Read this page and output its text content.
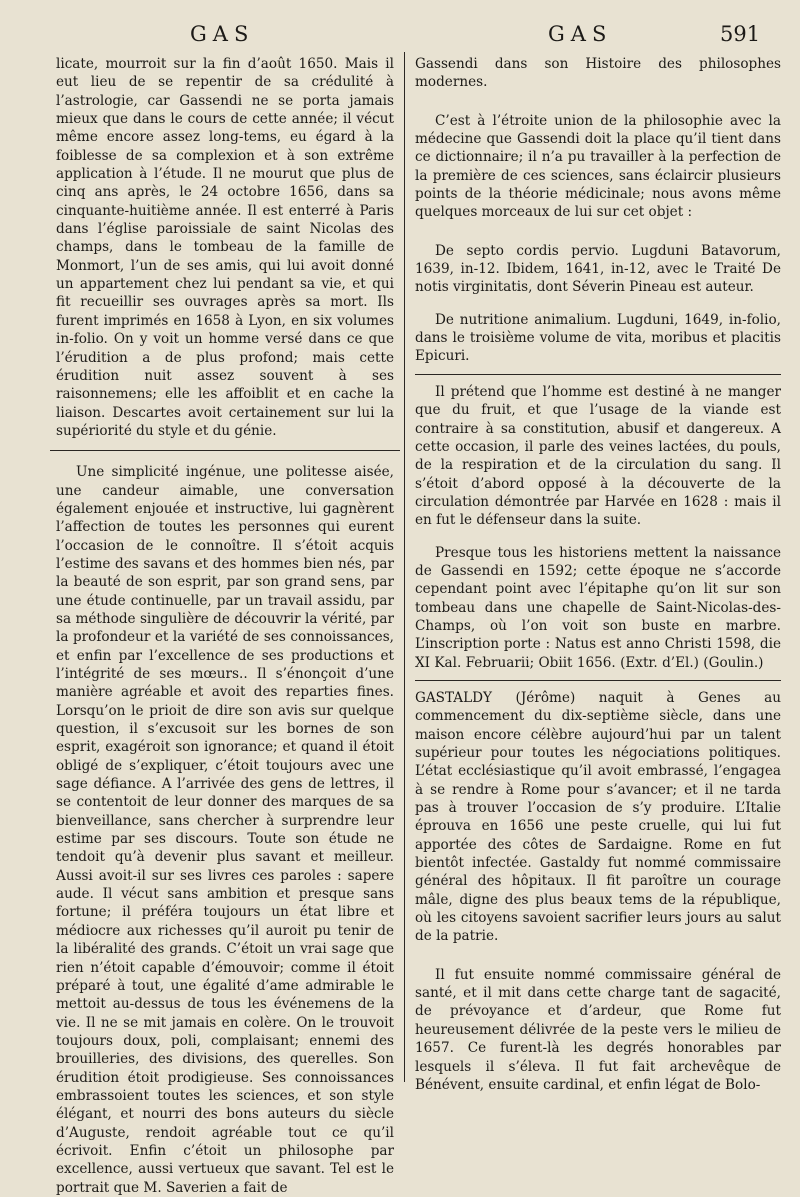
GAS	GAS	591

licate, mourroit sur la fin d’août 1650. Mais il eut lieu de se repentir de sa crédulité à l’astrologie, car Gassendi ne se porta jamais mieux que dans le cours de cette année; il vécut même encore assez long-tems, eu égard à la foiblesse de sa complexion et à son extrême application à l’étude. Il ne mourut que plus de cinq ans après, le 24 octobre 1656, dans sa cinquante-huitième année. Il est enterré à Paris dans l’église paroissiale de saint Nicolas des champs, dans le tombeau de la famille de Monmort, l’un de ses amis, qui lui avoit donné un appartement chez lui pendant sa vie, et qui fit recueillir ses ouvrages après sa mort. Ils furent imprimés en 1658 à Lyon, en six volumes in-folio. On y voit un homme versé dans ce que l’érudition a de plus profond; mais cette érudition nuit assez souvent à ses raisonnemens; elle les affoiblit et en cache la liaison. Descartes avoit certainement sur lui la supériorité du style et du génie.

Une simplicité ingénue, une politesse aisée, une candeur aimable, une conversation également enjouée et instructive, lui gagnèrent l’affection de toutes les personnes qui eurent l’occasion de le connoître. Il s’étoit acquis l’estime des savans et des hommes bien nés, par la beauté de son esprit, par son grand sens, par une étude continuelle, par un travail assidu, par sa méthode singulière de découvrir la vérité, par la profondeur et la variété de ses connoissances, et enfin par l’excellence de ses productions et l’intégrité de ses mœurs.. Il s’énonçoit d’une manière agréable et avoit des reparties fines. Lorsqu’on le prioit de dire son avis sur quelque question, il s’excusoit sur les bornes de son esprit, exagéroit son ignorance; et quand il étoit obligé de s’expliquer, c’étoit toujours avec une sage défiance. A l’arrivée des gens de lettres, il se contentoit de leur donner des marques de sa bienveillance, sans chercher à surprendre leur estime par ses discours. Toute son étude ne tendoit qu’à devenir plus savant et meilleur. Aussi avoit-il sur ses livres ces paroles : sapere aude. Il vécut sans ambition et presque sans fortune; il préféra toujours un état libre et médiocre aux richesses qu’il auroit pu tenir de la libéralité des grands. C’étoit un vrai sage que rien n’étoit capable d’émouvoir; comme il étoit préparé à tout, une égalité d’ame admirable le mettoit au-dessus de tous les événemens de la vie. Il ne se mit jamais en colère. On le trouvoit toujours doux, poli, complaisant; ennemi des brouilleries, des divisions, des querelles. Son érudition étoit prodigieuse. Ses connoissances embrassoient toutes les sciences, et son style élégant, et nourri des bons auteurs du siècle d’Auguste, rendoit agréable tout ce qu’il écrivoit. Enfin c’étoit un philosophe par excellence, aussi vertueux que savant. Tel est le portrait que M. Saverien a fait de

Gassendi dans son Histoire des philosophes modernes.

C’est à l’étroite union de la philosophie avec la médecine que Gassendi doit la place qu’il tient dans ce dictionnaire; il n’a pu travailler à la perfection de la première de ces sciences, sans éclaircir plusieurs points de la théorie médicinale; nous avons même quelques morceaux de lui sur cet objet :

De septo cordis pervio. Lugduni Batavorum, 1639, in-12. Ibidem, 1641, in-12, avec le Traité De notis virginitatis, dont Séverin Pineau est auteur.

De nutritione animalium. Lugduni, 1649, in-folio, dans le troisième volume de vita, moribus et placitis Epicuri.

Il prétend que l’homme est destiné à ne manger que du fruit, et que l’usage de la viande est contraire à sa constitution, abusif et dangereux. A cette occasion, il parle des veines lactées, du pouls, de la respiration et de la circulation du sang. Il s’étoit d’abord opposé à la découverte de la circulation démontrée par Harvée en 1628 : mais il en fut le défenseur dans la suite.

Presque tous les historiens mettent la naissance de Gassendi en 1592; cette époque ne s’accorde cependant point avec l’épitaphe qu’on lit sur son tombeau dans une chapelle de Saint-Nicolas-des-Champs, où l’on voit son buste en marbre. L’inscription porte : Natus est anno Christi 1598, die XI Kal. Februarii; Obiit 1656. (Extr. d’El.) (Goulin.)

GASTALDY (Jérôme) naquit à Genes au commencement du dix-septième siècle, dans une maison encore célèbre aujourd’hui par un talent supérieur pour toutes les négociations politiques. L’état ecclésiastique qu’il avoit embrassé, l’engagea à se rendre à Rome pour s’avancer; et il ne tarda pas à trouver l’occasion de s’y produire. L’Italie éprouva en 1656 une peste cruelle, qui lui fut apportée des côtes de Sardaigne. Rome en fut bientôt infectée. Gastaldy fut nommé commissaire général des hôpitaux. Il fit paroître un courage mâle, digne des plus beaux tems de la république, où les citoyens savoient sacrifier leurs jours au salut de la patrie.

Il fut ensuite nommé commissaire général de santé, et il mit dans cette charge tant de sagacité, de prévoyance et d’ardeur, que Rome fut heureusement délivrée de la peste vers le milieu de 1657. Ce furent-là les degrés honorables par lesquels il s’éleva. Il fut fait archevêque de Bénévent, ensuite cardinal, et enfin légat de Bolo-
